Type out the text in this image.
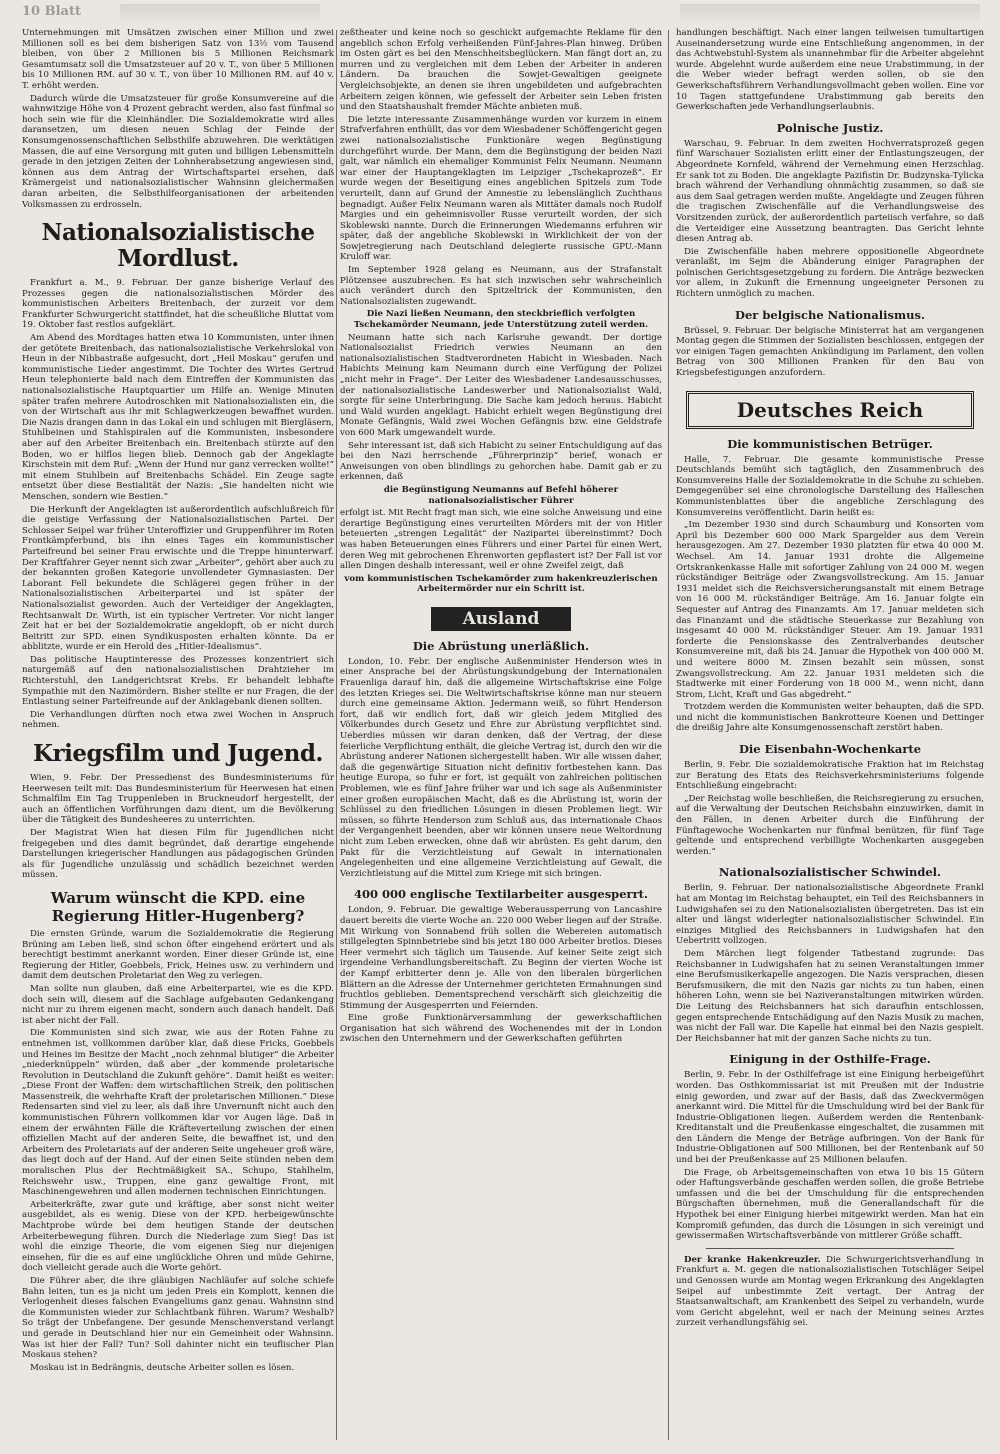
10 Blatt

Unternehmungen mit Umsätzen zwischen einer Million und zwei Millionen soll es bei dem bisherigen Satz von 13½ vom Tausend bleiben, von über 2 Millionen bis 5 Millionen Reichsmark Gesamtumsatz soll die Umsatzsteuer auf 20 v. T., von über 5 Millionen bis 10 Millionen RM. auf 30 v. T., von über 10 Millionen RM. auf 40 v. T. erhöht werden.

Dadurch würde die Umsatzsteuer für große Konsumvereine auf die wahnwitzige Höhe von 4 Prozent gebracht werden, also fast fünfmal so hoch sein wie für die Kleinhändler. Die Sozialdemokratie wird alles daransetzen, um diesen neuen Schlag der Feinde der Konsumgenossenschaftlichen Selbsthilfe abzuwehren. Die werktätigen Massen, die auf eine Versorgung mit guten und billigen Lebensmitteln gerade in den jetzigen Zeiten der Lohnherabsetzung angewiesen sind, können aus dem Antrag der Wirtschaftspartei ersehen, daß Krämergeist und nationalsozialistischer Wahnsinn gleichermaßen daran arbeiten, die Selbsthilfeorganisationen der arbeitenden Volksmassen zu erdrosseln.

Nationalsozialistische Mordlust.

Frankfurt a. M., 9. Februar. Der ganze bisherige Verlauf des Prozesses gegen die nationalsozialistischen Mörder des kommunistischen Arbeiters Breitenbach, der zurzeit vor dem Frankfurter Schwurgericht stattfindet, hat die scheußliche Bluttat vom 19. Oktober fast restlos aufgeklärt.

Am Abend des Mordtages hatten etwa 10 Kommunisten, unter ihnen der getötete Breitenbach, das nationalsozialistische Verkehrslokal von Heun in der Nibbastraße aufgesucht, dort „Heil Moskau“ gerufen und kommunistische Lieder angestimmt. Die Tochter des Wirtes Gertrud Heun telephonierte bald nach dem Eintreffen der Kommunisten das nationalsozialistische Hauptquartier um Hilfe an. Wenige Minuten später trafen mehrere Autodroschken mit Nationalsozialisten ein, die von der Wirtschaft aus ihr mit Schlagwerkzeugen bewaffnet wurden. Die Nazis drangen dann in das Lokal ein und schlugen mit Biergläsern, Stuhlbeinen und Stahlspiralen auf die Kommunisten, insbesondere aber auf den Arbeiter Breitenbach ein. Breitenbach stürzte auf den Boden, wo er hilflos liegen blieb. Dennoch gab der Angeklagte Kirschstein mit dem Ruf: „Wenn der Hund nur ganz verrecken wollte!“ mit einem Stuhlbein auf Breitenbachs Schädel. Ein Zeuge sagte entsetzt über diese Bestialität der Nazis: „Sie handelten nicht wie Menschen, sondern wie Bestien.“

Die Herkunft der Angeklagten ist außerordentlich aufschlußreich für die geistige Verfassung der Nationalsozialistischen Partei. Der Schlosser Seipel war früher Unteroffizier und Gruppenführer im Roten Frontkämpferbund, bis ihn eines Tages ein kommunistischer Parteifreund bei seiner Frau erwischte und die Treppe hinunterwarf. Der Kraftfahrer Geyer nennt sich zwar „Arbeiter“, gehört aber auch zu der bekannten großen Kategorie unvollendeter Gymnasiasten. Der Laborant Fell bekundete die Schlägerei gegen früher in der Nationalsozialistischen Arbeiterpartei und ist später der Nationalsozialist geworden. Auch der Verteidiger der Angeklagten, Rechtsanwalt Dr. Wirth, ist ein typischer Vertreter. Vor nicht langer Zeit hat er bei der Sozialdemokratie angeklopft, ob er nicht durch Beitritt zur SPD. einen Syndikusposten erhalten könnte. Da er abblitzte, wurde er ein Herold des „Hitler-Idealismus“.

Das politische Hauptinteresse des Prozesses konzentriert sich naturgemäß auf den nationalsozialistischen Drahtzieher im Richterstuhl, den Landgerichtsrat Krebs. Er behandelt lebhafte Sympathie mit den Nazimördern. Bisher stellte er nur Fragen, die der Entlastung seiner Parteifreunde auf der Anklagebank dienen sollten.

Die Verhandlungen dürften noch etwa zwei Wochen in Anspruch nehmen.

Kriegsfilm und Jugend.

Wien, 9. Febr. Der Pressedienst des Bundesministeriums für Heerwesen teilt mit: Das Bundesministerium für Heerwesen hat einen Schmalfilm Ein Tag Truppenleben in Bruckneudorf hergestellt, der auch an öffentlichen Vorführungen dazu dient, um die Bevölkerung über die Tätigkeit des Bundesheeres zu unterrichten.

Der Magistrat Wien hat diesen Film für Jugendlichen nicht freigegeben und dies damit begründet, daß derartige eingehende Darstellungen kriegerischer Handlungen aus pädagogischen Gründen als für Jugendliche unzulässig und schädlich bezeichnet werden müssen.

Warum wünscht die KPD. eine Regierung Hitler-Hugenberg?

Die ernsten Gründe, warum die Sozialdemokratie die Regierung Brüning am Leben ließ, sind schon öfter eingehend erörtert und als berechtigt bestimmt anerkannt worden. Einer dieser Gründe ist, eine Regierung der Hitler, Goebbels, Frick, Heines usw. zu verhindern und damit dem deutschen Proletariat den Weg zu verlegen.

Man sollte nun glauben, daß eine Arbeiterpartei, wie es die KPD. doch sein will, diesem auf die Sachlage aufgebauten Gedankengang nicht nur zu ihrem eigenen macht, sondern auch danach handelt. Daß ist aber nicht der Fall.

Die Kommunisten sind sich zwar, wie aus der Roten Fahne zu entnehmen ist, vollkommen darüber klar, daß diese Fricks, Goebbels und Heines im Besitze der Macht „noch zehnmal blutiger“ die Arbeiter „niederknüppeln“ würden, daß aber „der kommende proletarische Revolution in Deutschland die Zukunft gehöre“. Damit heißt es weiter: „Diese Front der Waffen: dem wirtschaftlichen Streik, den politischen Massenstreik, die wehrhafte Kraft der proletarischen Millionen.“ Diese Redensarten sind viel zu leer, als daß ihre Unvernunft nicht auch den kommunistischen Führern vollkommen klar vor Augen läge. Daß in einem der erwähnten Fälle die Kräfteverteilung zwischen der einen offiziellen Macht auf der anderen Seite, die bewaffnet ist, und den Arbeitern des Proletariats auf der anderen Seite ungeheuer groß wäre, das liegt doch auf der Hand. Auf der einen Seite stünden neben dem moralischen Plus der Rechtmäßigkeit SA., Schupo, Stahlhelm, Reichswehr usw., Truppen, eine ganz gewaltige Front, mit Maschinengewehren und allen modernen technischen Einrichtungen.

Arbeiterkräfte, zwar gute und kräftige, aber sonst nicht weiter ausgebildet, als es wenig. Diese von der KPD. herbeigewünschte Machtprobe würde bei dem heutigen Stande der deutschen Arbeiterbewegung führen. Durch die Niederlage zum Sieg! Das ist wohl die einzige Theorie, die vom eigenen Sieg nur diejenigen einsehen, für die es auf eine unglückliche Ohren und müde Gehirne, doch vielleicht gerade auch die Worte gehört.

Die Führer aber, die ihre gläubigen Nachläufer auf solche schiefe Bahn leiten, tun es ja nicht um jeden Preis ein Komplott, kennen die Verlogenheit dieses falschen Evangeliums ganz genau. Wahnsinn sind die Kommunisten wieder zur Schlachtbank führen. Warum? Weshalb? So trägt der Unbefangene. Der gesunde Menschenverstand verlangt und gerade in Deutschland hier nur ein Gemeinheit oder Wahnsinn. Was ist hier der Fall? Tun? Soll dahinter nicht ein teuflischer Plan Moskaus stehen?

Moskau ist in Bedrängnis, deutsche Arbeiter sollen es lösen.

zeßtheater und keine noch so geschickt aufgemachte Reklame für den angeblich schon Erfolg verheißenden Fünf-Jahres-Plan hinweg. Drüben im Osten gärt es bei den Menschheitsbeglückern. Man fängt dort an, zu murren und zu vergleichen mit dem Leben der Arbeiter in anderen Ländern. Da brauchen die Sowjet-Gewaltigen geeignete Vergleichsobjekte, an denen sie ihren ungebildeten und aufgebrachten Arbeitern zeigen können, wie gefesselt der Arbeiter sein Leben fristen und den Staatshaushalt fremder Mächte anbieten muß.

Die letzte interessante Zusammenhänge wurden vor kurzem in einem Strafverfahren enthüllt, das vor dem Wiesbadener Schöffengericht gegen zwei nationalsozialistische Funktionäre wegen Begünstigung durchgeführt wurde. Der Mann, dem die Begünstigung der beiden Nazi galt, war nämlich ein ehemaliger Kommunist Felix Neumann. Neumann war einer der Hauptangeklagten im Leipziger „Tschekaprozeß“. Er wurde wegen der Beseitigung eines angeblichen Spitzels zum Tode verurteilt, dann auf Grund der Amnestie zu lebenslänglich Zuchthaus begnadigt. Außer Felix Neumann waren als Mittäter damals noch Rudolf Margies und ein geheimnisvoller Russe verurteilt worden, der sich Skoblewski nannte. Durch die Erinnerungen Wiedemanns erfuhren wir später, daß der angebliche Skoblewski in Wirklichkeit der von der Sowjetregierung nach Deutschland delegierte russische GPU.-Mann Kruloff war.

Im September 1928 gelang es Neumann, aus der Strafanstalt Plötzensee auszubrechen. Es hat sich inzwischen sehr wahrscheinlich auch verändert durch den Spitzeltrick der Kommunisten, den Nationalsozialisten zugewandt.

Die Nazi ließen Neumann, den steckbrieflich verfolgten Tschekamörder Neumann, jede Unterstützung zuteil werden.

Neumann hatte sich nach Karlsruhe gewandt. Der dortige Nationalsozialist Friedrich verwies Neumann an den nationalsozialistischen Stadtverordneten Habicht in Wiesbaden. Nach Habichts Meinung kam Neumann durch eine Verfügung der Polizei „nicht mehr in Frage“. Der Leiter des Wiesbadener Landesausschusses, der nationalsozialistische Landeswerber und Nationalsozialist Wald, sorgte für seine Unterbringung. Die Sache kam jedoch heraus. Habicht und Wald wurden angeklagt. Habicht erhielt wegen Begünstigung drei Monate Gefängnis, Wald zwei Wochen Gefängnis bzw. eine Geldstrafe von 600 Mark umgewandelt wurde.

Sehr interessant ist, daß sich Habicht zu seiner Entschuldigung auf das bei den Nazi herrschende „Führerprinzip“ berief, wonach er Anweisungen von oben blindlings zu gehorchen habe. Damit gab er zu erkennen, daß

die Begünstigung Neumanns auf Befehl höherer nationalsozialistischer Führer

erfolgt ist. Mit Recht fragt man sich, wie eine solche Anweisung und eine derartige Begünstigung eines verurteilten Mörders mit der von Hitler beteuerten „strengen Legalität“ der Nazipartei übereinstimmt? Doch was haben Beteuerungen eines Führers und einer Partei für einen Wert, deren Weg mit gebrochenen Ehrenworten gepflastert ist? Der Fall ist vor allen Dingen deshalb interessant, weil er ohne Zweifel zeigt, daß

vom kommunistischen Tschekamörder zum hakenkreuzlerischen Arbeitermörder nur ein Schritt ist.

Ausland
Die Abrüstung unerläßlich.

London, 10. Febr. Der englische Außenminister Henderson wies in einer Ansprache bei der Abrüstungskundgebung der Internationalen Frauenliga darauf hin, daß die allgemeine Wirtschaftskrise eine Folge des letzten Krieges sei. Die Weltwirtschaftskrise könne man nur steuern durch eine gemeinsame Aktion. Jedermann weiß, so führt Henderson fort, daß wir endlich fort, daß wir gleich jedem Mitglied des Völkerbundes durch Gesetz und Ehre zur Abrüstung verpflichtet sind. Ueberdies müssen wir daran denken, daß der Vertrag, der diese feierliche Verpflichtung enthält, die gleiche Vertrag ist, durch den wir die Abrüstung anderer Nationen sichergestellt haben. Wir alle wissen daher, daß die gegenwärtige Situation nicht definitiv fortbestehen kann. Das heutige Europa, so fuhr er fort, ist gequält von zahlreichen politischen Problemen, wie es fünf Jahre früher war und ich sage als Außenminister einer großen europäischen Macht, daß es die Abrüstung ist, worin der Schlüssel zu den friedlichen Lösungen in diesen Problemen liegt. Wir müssen, so führte Henderson zum Schluß aus, das internationale Chaos der Vergangenheit beenden, aber wir können unsere neue Weltordnung nicht zum Leben erwecken, ohne daß wir abrüsten. Es geht darum, den Pakt für die Verzichtleistung auf Gewalt in internationalen Angelegenheiten und eine allgemeine Verzichtleistung auf Gewalt, die Verzichtleistung auf die Mittel zum Kriege mit sich bringen.

400 000 englische Textilarbeiter ausgesperrt.

London, 9. Februar. Die gewaltige Weberaussperrung von Lancashire dauert bereits die vierte Woche an. 220 000 Weber liegen auf der Straße. Mit Wirkung von Sonnabend früh sollen die Webereien automatisch stillgelegten Spinnbetriebe sind bis jetzt 180 000 Arbeiter brotlos. Dieses Heer vermehrt sich täglich um Tausende. Auf keiner Seite zeigt sich irgendeine Verhandlungsbereitschaft. Zu Beginn der vierten Woche ist der Kampf erbitterter denn je. Alle von den liberalen bürgerlichen Blättern an die Adresse der Unternehmer gerichteten Ermahnungen sind fruchtlos geblieben. Dementsprechend verschärft sich gleichzeitig die Stimmung der Ausgesperrten und Feiernden.

Eine große Funktionärversammlung der gewerkschaftlichen Organisation hat sich während des Wochenendes mit der in London zwischen den Unternehmern und der Gewerkschaften geführten

handlungen beschäftigt. Nach einer langen teilweisen tumultartigen Auseinandersetzung wurde eine Entschließung angenommen, in der das Achtwebstuhl-System als unannehmbar für die Arbeiter abgelehnt wurde. Abgelehnt wurde außerdem eine neue Urabstimmung, in der die Weber wieder befragt werden sollen, ob sie den Gewerkschaftsführern Verhandlungsvollmacht geben wollen. Eine vor 10 Tagen stattgefundene Urabstimmung gab bereits den Gewerkschaften jede Verhandlungserlaubnis.

Polnische Justiz.

Warschau, 9. Februar. In dem zweiten Hochverratsprozeß gegen fünf Warschauer Sozialisten erlitt einer der Entlastungszeugen, der Abgeordnete Kornfeld, während der Vernehmung einen Herzschlag. Er sank tot zu Boden. Die angeklagte Pazifistin Dr. Budzynska-Tylicka brach während der Verhandlung ohnmächtig zusammen, so daß sie aus dem Saal getragen werden mußte. Angeklagte und Zeugen führen die tragischen Zwischenfälle auf die Verhandlungsweise des Vorsitzenden zurück, der außerordentlich parteiisch verfahre, so daß die Verteidiger eine Aussetzung beantragten. Das Gericht lehnte diesen Antrag ab.

Die Zwischenfälle haben mehrere oppositionelle Abgeordnete veranlaßt, im Sejm die Abänderung einiger Paragraphen der polnischen Gerichtsgesetzgebung zu fordern. Die Anträge bezwecken vor allem, in Zukunft die Ernennung ungeeigneter Personen zu Richtern unmöglich zu machen.

Der belgische Nationalismus.

Brüssel, 9. Februar. Der belgische Ministerrat hat am vergangenen Montag gegen die Stimmen der Sozialisten beschlossen, entgegen der vor einigen Tagen gemachten Ankündigung im Parlament, den vollen Betrag von 300 Millionen Franken für den Bau von Kriegsbefestigungen anzufordern.

Deutsches Reich
Die kommunistischen Betrüger.

Halle, 7. Februar. Die gesamte kommunistische Presse Deutschlands bemüht sich tagtäglich, den Zusammenbruch des Konsumvereins Halle der Sozialdemokratie in die Schuhe zu schieben. Demgegenüber sei eine chronologische Darstellung des Halleschen Kommunistenblattes über die angebliche Zerschlagung des Konsumvereins veröffentlicht. Darin heißt es:

„Im Dezember 1930 sind durch Schaumburg und Konsorten vom April bis Dezember 600 000 Mark Spargelder aus dem Verein herausgezogen. Am 27. Dezember 1930 platzten für etwa 40 000 M. Wechsel. Am 14. Januar 1931 drohte die Allgemeine Ortskrankenkasse Halle mit sofortiger Zahlung von 24 000 M. wegen rückständiger Beiträge oder Zwangsvollstreckung. Am 15. Januar 1931 meldet sich die Reichsversicherungsanstalt mit einem Betrage von 16 000 M. rückständiger Beiträge. Am 16. Januar folgte ein Sequester auf Antrag des Finanzamts. Am 17. Januar meldeten sich das Finanzamt und die städtische Steuerkasse zur Bezahlung von insgesamt 40 000 M. rückständiger Steuer. Am 19. Januar 1931 forderte die Pensionskasse des Zentralverbandes deutscher Konsumvereine mit, daß bis 24. Januar die Hypothek von 400 000 M. und weitere 8000 M. Zinsen bezahlt sein müssen, sonst Zwangsvollstreckung. Am 22. Januar 1931 meldeten sich die Stadtwerke mit einer Forderung von 18 000 M., wenn nicht, dann Strom, Licht, Kraft und Gas abgedreht.“

Trotzdem werden die Kommunisten weiter behaupten, daß die SPD. und nicht die kommunistischen Bankrotteure Koenen und Dettinger die dreißig Jahre alte Konsumgenossenschaft zerstört haben.

Die Eisenbahn-Wochenkarte

Berlin, 9. Febr. Die sozialdemokratische Fraktion hat im Reichstag zur Beratung des Etats des Reichsverkehrsministeriums folgende Entschließung eingebracht:

„Der Reichstag wolle beschließen, die Reichsregierung zu ersuchen, auf die Verwaltung der Deutschen Reichsbahn einzuwirken, damit in den Fällen, in denen Arbeiter durch die Einführung der Fünftagewoche Wochenkarten nur fünfmal benützen, für fünf Tage geltende und entsprechend verbilligte Wochenkarten ausgegeben werden.“

Nationalsozialistischer Schwindel.

Berlin, 9. Februar. Der nationalsozialistische Abgeordnete Frankl hat am Montag im Reichstag behauptet, ein Teil des Reichsbanners in Ludwigshafen sei zu den Nationalsozialisten übergetreten. Das ist ein alter und längst widerlegter nationalsozialistischer Schwindel. Ein einziges Mitglied des Reichsbanners in Ludwigshafen hat den Uebertritt vollzogen.

Dem Märchen liegt folgender Tatbestand zugrunde: Das Reichsbanner in Ludwigshafen hat zu seinen Veranstaltungen immer eine Berufsmusikerkapelle angezogen. Die Nazis versprachen, diesen Berufsmusikern, die mit den Nazis gar nichts zu tun haben, einen höheren Lohn, wenn sie bei Naziveranstaltungen mitwirken würden. Die Leitung des Reichsbanners hat sich daraufhin entschlossen, gegen entsprechende Entschädigung auf den Nazis Musik zu machen, was nicht der Fall war. Die Kapelle hat einmal bei den Nazis gespielt. Der Reichsbanner hat mit der ganzen Sache nichts zu tun.

Einigung in der Osthilfe-Frage.

Berlin, 9. Febr. In der Osthilfefrage ist eine Einigung herbeigeführt worden. Das Osthkommissariat ist mit Preußen mit der Industrie einig geworden, und zwar auf der Basis, daß das Zweckvermögen anerkannt wird. Die Mittel für die Umschuldung wird bei der Bank für Industrie-Obligationen liegen. Außerdem werden die Rentenbank-Kreditanstalt und die Preußenkasse eingeschaltet, die zusammen mit den Ländern die Menge der Beträge aufbringen. Von der Bank für Industrie-Obligationen auf 500 Millionen, bei der Rentenbank auf 50 und bei der Preußenkasse auf 25 Millionen belaufen.

Die Frage, ob Arbeitsgemeinschaften von etwa 10 bis 15 Gütern oder Haftungsverbände geschaffen werden sollen, die große Betriebe umfassen und die bei der Umschuldung für die entsprechenden Bürgschaften übernehmen, muß die Generallandschaft für die Hypothek bei einer Einigung hierbei mitgewirkt werden. Man hat ein Kompromiß gefunden, das durch die Lösungen in sich vereinigt und gewissermaßen Wirtschaftsverbände von mittlerer Größe schafft.

Der kranke Hakenkreuzler. Die Schwurgerichtsverhandlung in Frankfurt a. M. gegen die nationalsozialistischen Totschläger Seipel und Genossen wurde am Montag wegen Erkrankung des Angeklagten Seipel auf unbestimmte Zeit vertagt. Der Antrag der Staatsanwaltschaft, am Krankenbett des Seipel zu verhandeln, wurde vom Gericht abgelehnt, weil er nach der Meinung seines Arztes zurzeit verhandlungsfähig sei.
